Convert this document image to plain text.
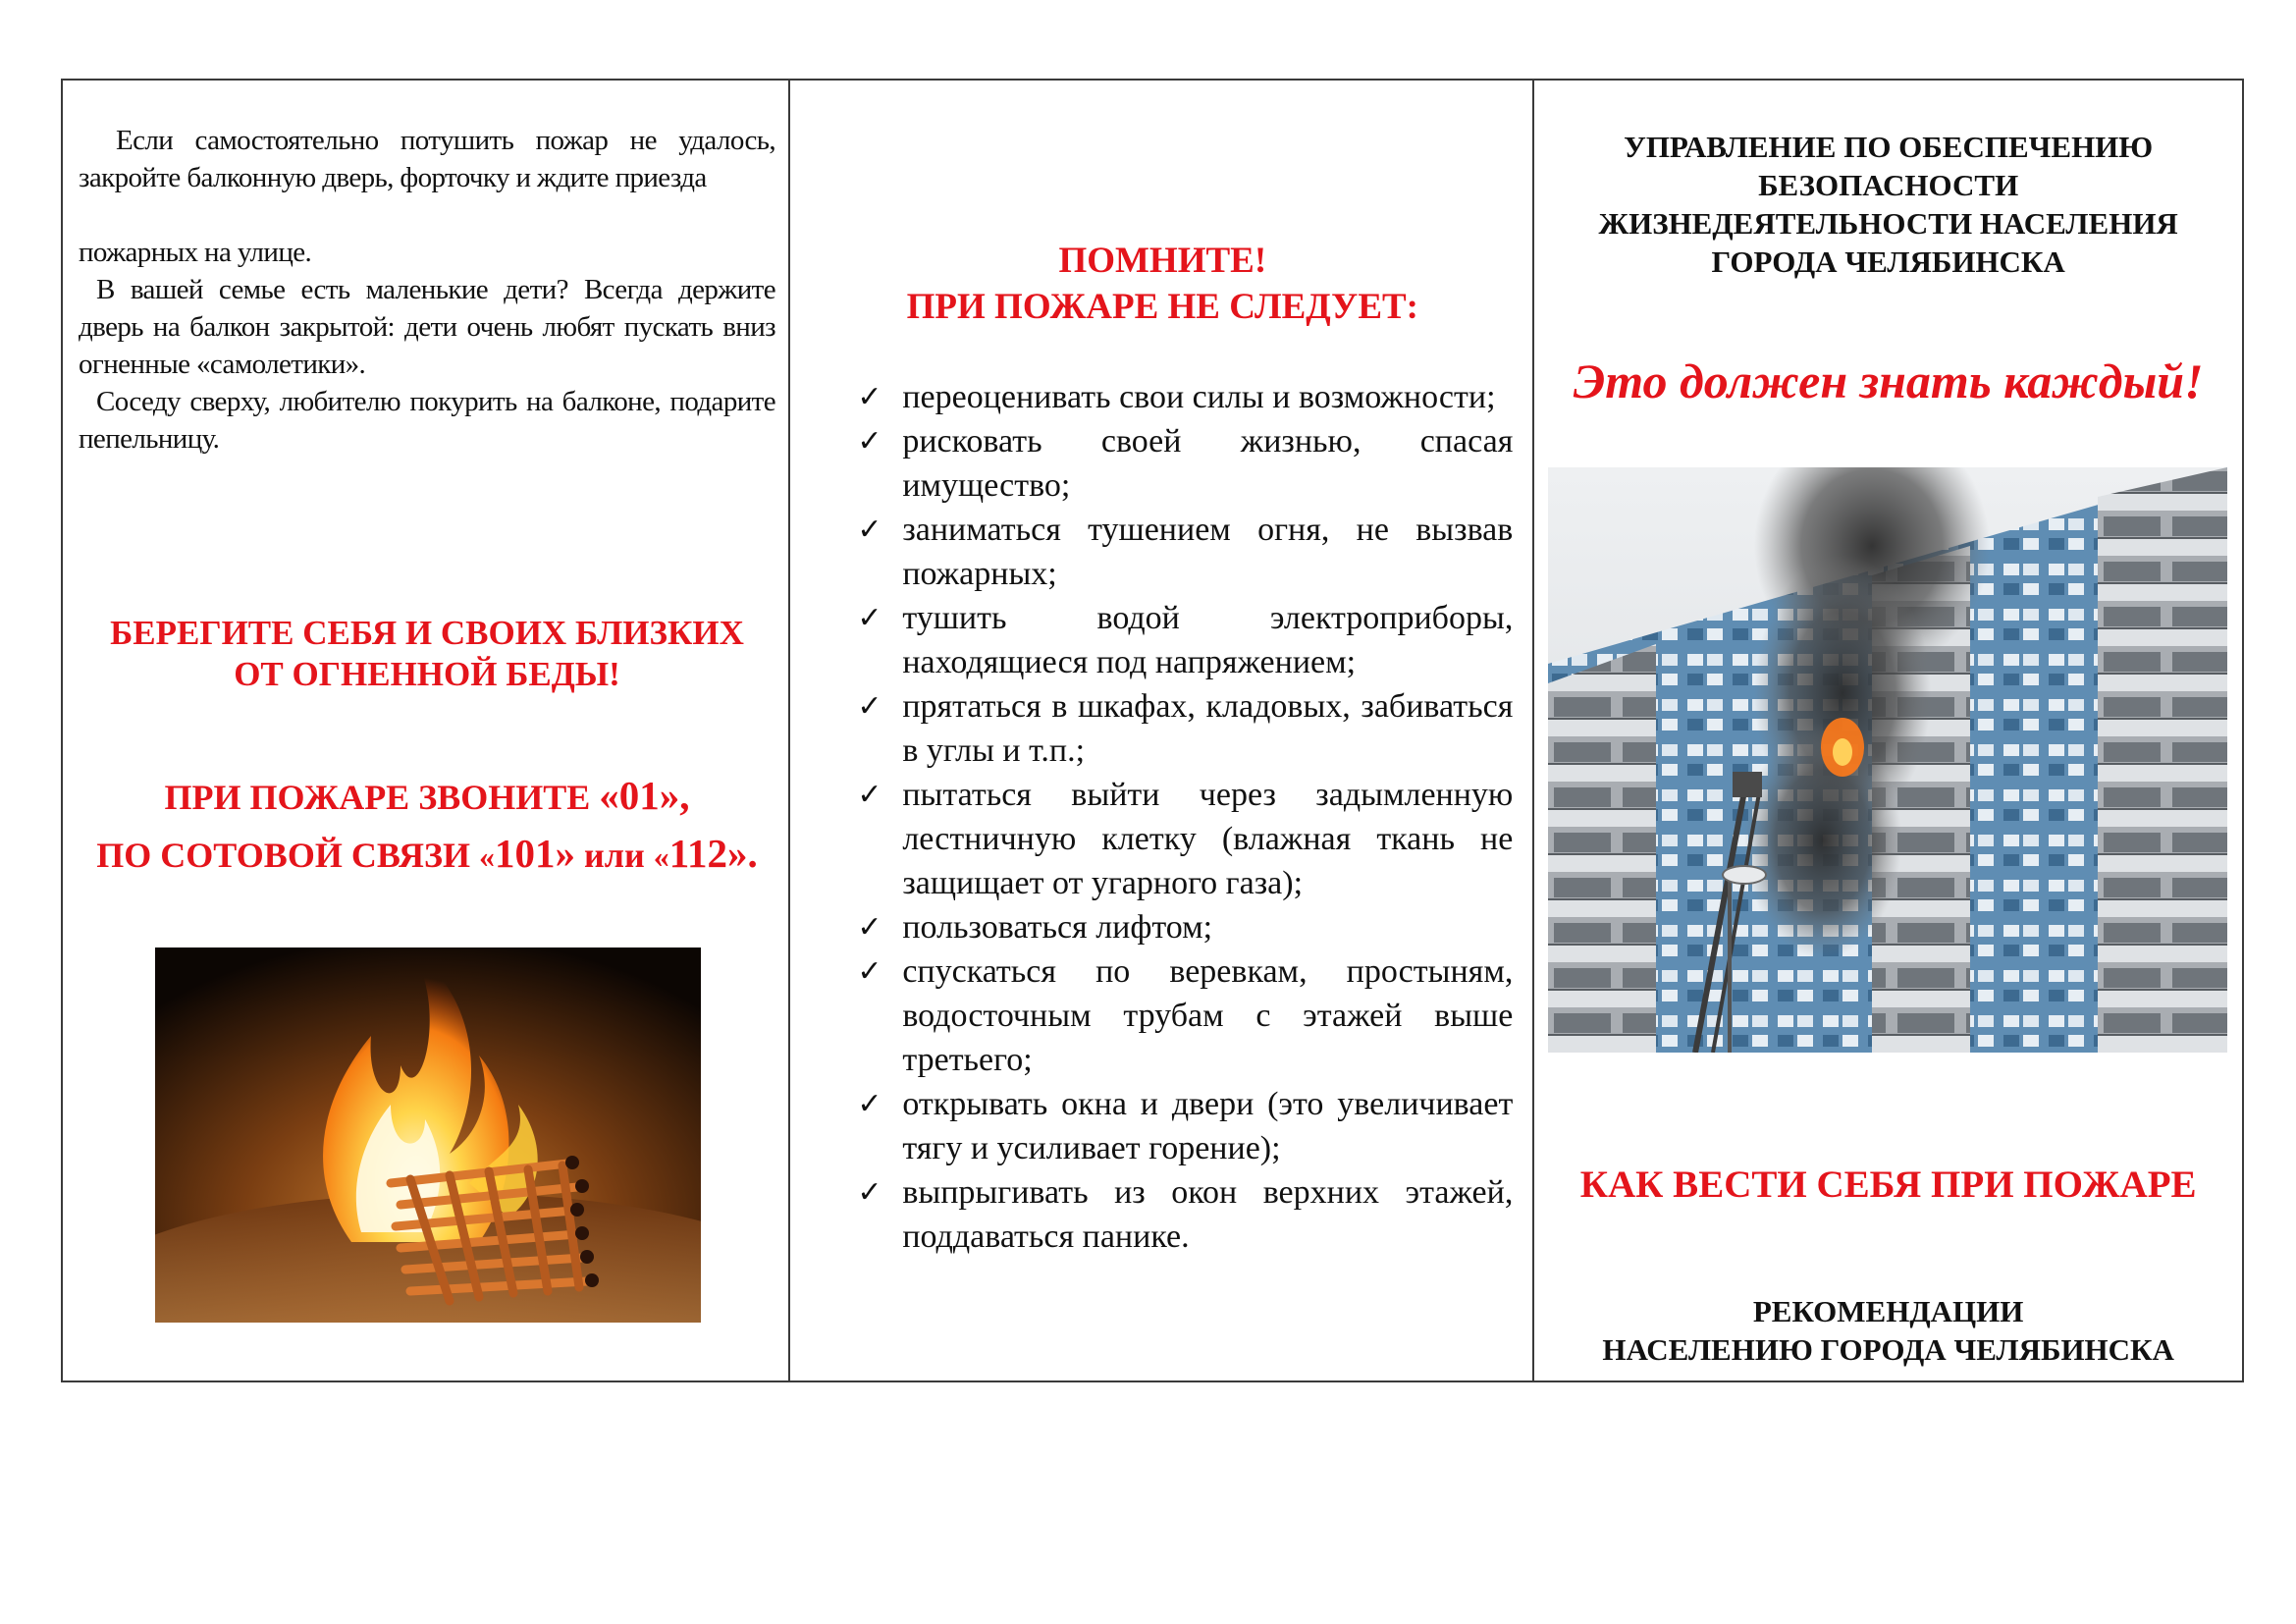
Если самостоятельно потушить пожар не удалось, закройте балконную дверь, форточку и ждите приезда
пожарных на улице.
В вашей семье есть маленькие дети? Всегда держите дверь на балкон закрытой: дети очень любят пускать вниз огненные «самолетики».
Соседу сверху, любителю покурить на балконе, подарите пепельницу.

БЕРЕГИТЕ СЕБЯ И СВОИХ БЛИЗКИХ
ОТ ОГНЕННОЙ БЕДЫ!

ПРИ ПОЖАРЕ ЗВОНИТЕ «01»,
ПО СОТОВОЙ СВЯЗИ «101» или «112».

ПОМНИТЕ!
ПРИ ПОЖАРЕ НЕ СЛЕДУЕТ:

✓ переоценивать свои силы и возможности;
✓ рисковать своей жизнью, спасая имущество;
✓ заниматься тушением огня, не вызвав пожарных;
✓ тушить водой электроприборы, находящиеся под напряжением;
✓ прятаться в шкафах, кладовых, забиваться в углы и т.п.;
✓ пытаться выйти через задымленную лестничную клетку (влажная ткань не защищает от угарного газа);
✓ пользоваться лифтом;
✓ спускаться по веревкам, простыням, водосточным трубам с этажей выше третьего;
✓ открывать окна и двери (это увеличивает тягу и усиливает горение);
✓ выпрыгивать из окон верхних этажей, поддаваться панике.

УПРАВЛЕНИЕ ПО ОБЕСПЕЧЕНИЮ
БЕЗОПАСНОСТИ
ЖИЗНЕДЕЯТЕЛЬНОСТИ НАСЕЛЕНИЯ
ГОРОДА ЧЕЛЯБИНСКА

Это должен знать каждый!

КАК ВЕСТИ СЕБЯ ПРИ ПОЖАРЕ

РЕКОМЕНДАЦИИ
НАСЕЛЕНИЮ ГОРОДА ЧЕЛЯБИНСКА
